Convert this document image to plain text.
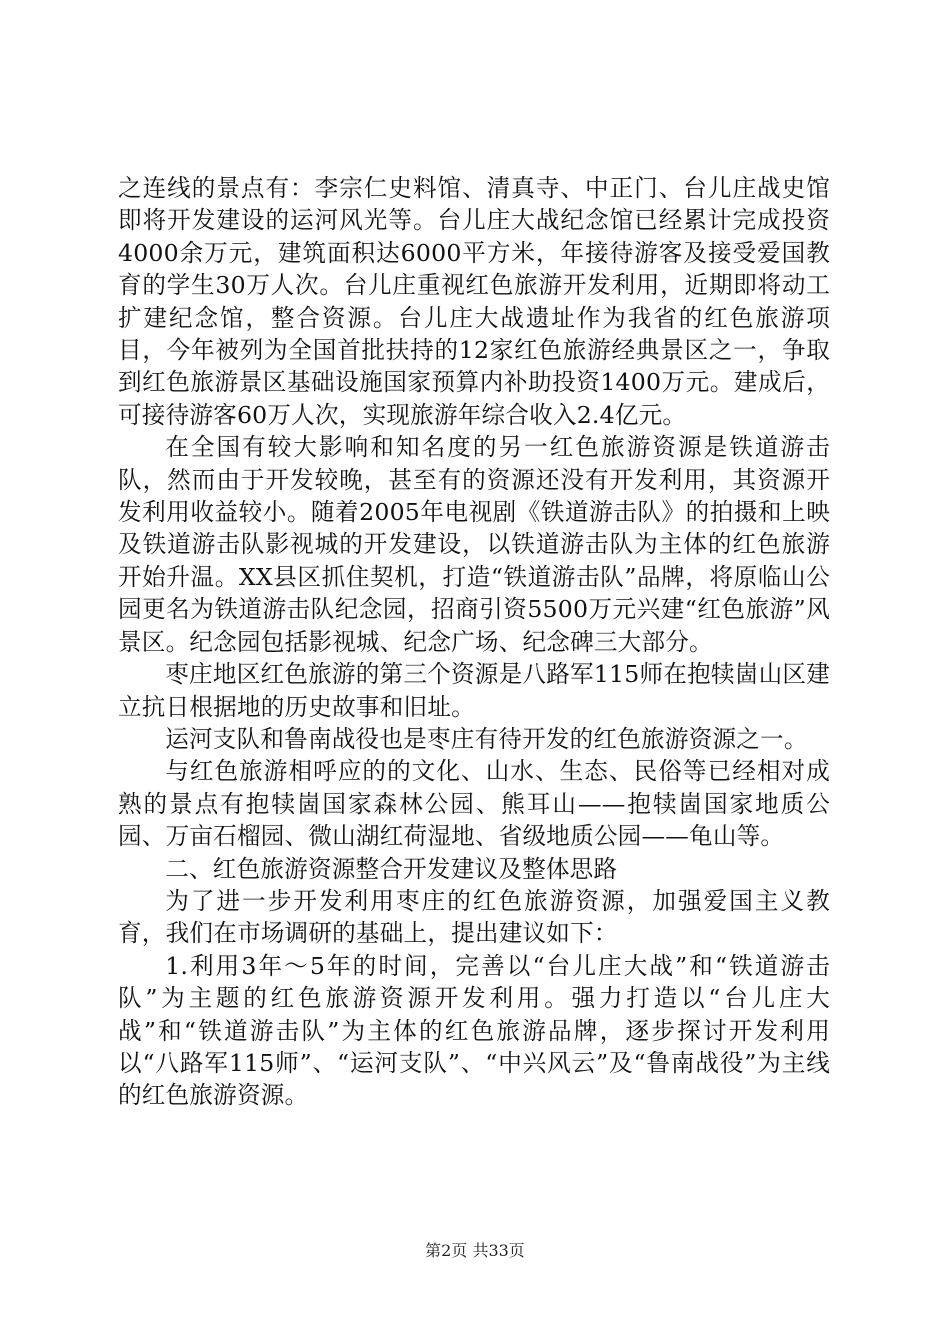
之连线的景点有：李宗仁史料馆、清真寺、中正门、台儿庄战史馆即将开发建设的运河风光等。台儿庄大战纪念馆已经累计完成投资4000余万元，建筑面积达6000平方米，年接待游客及接受爱国教育的学生30万人次。台儿庄重视红色旅游开发利用，近期即将动工扩建纪念馆，整合资源。台儿庄大战遗址作为我省的红色旅游项目，今年被列为全国首批扶持的12家红色旅游经典景区之一，争取到红色旅游景区基础设施国家预算内补助投资1400万元。建成后，可接待游客60万人次，实现旅游年综合收入2.4亿元。

在全国有较大影响和知名度的另一红色旅游资源是铁道游击队，然而由于开发较晚，甚至有的资源还没有开发利用，其资源开发利用收益较小。随着2005年电视剧《铁道游击队》的拍摄和上映及铁道游击队影视城的开发建设，以铁道游击队为主体的红色旅游开始升温。XX县区抓住契机，打造“铁道游击队”品牌，将原临山公园更名为铁道游击队纪念园，招商引资5500万元兴建“红色旅游”风景区。纪念园包括影视城、纪念广场、纪念碑三大部分。

枣庄地区红色旅游的第三个资源是八路军115师在抱犊崮山区建立抗日根据地的历史故事和旧址。

运河支队和鲁南战役也是枣庄有待开发的红色旅游资源之一。

与红色旅游相呼应的的文化、山水、生态、民俗等已经相对成熟的景点有抱犊崮国家森林公园、熊耳山——抱犊崮国家地质公园、万亩石榴园、微山湖红荷湿地、省级地质公园——龟山等。

二、红色旅游资源整合开发建议及整体思路

为了进一步开发利用枣庄的红色旅游资源，加强爱国主义教育，我们在市场调研的基础上，提出建议如下：

1.利用3年～5年的时间，完善以“台儿庄大战”和“铁道游击队”为主题的红色旅游资源开发利用。强力打造以“台儿庄大战”和“铁道游击队”为主体的红色旅游品牌，逐步探讨开发利用以“八路军115师”、“运河支队”、“中兴风云”及“鲁南战役”为主线的红色旅游资源。

第2页 共33页
